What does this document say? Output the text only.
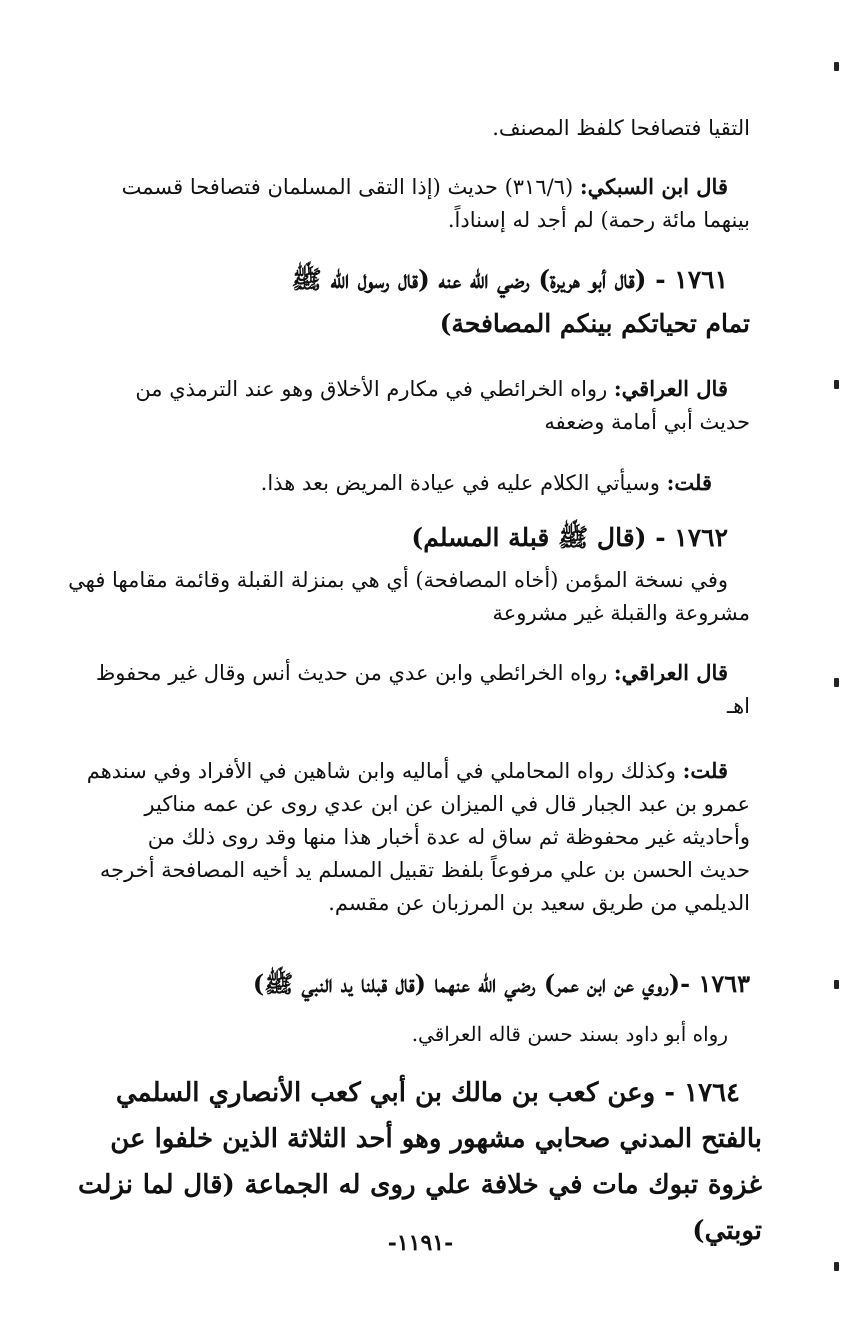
التقيا فتصافحا كلفظ المصنف.
قال ابن السبكي: (٣١٦/٦) حديث (إذا التقى المسلمان فتصافحا قسمت
بينهما مائة رحمة) لم أجد له إسناداً.
١٧٦١ - (قال أبو هريرة) رضي الله عنه (قال رسول الله ﷺ
تمام تحياتكم بينكم المصافحة)
قال العراقي: رواه الخرائطي في مكارم الأخلاق وهو عند الترمذي من
حديث أبي أمامة وضعفه
قلت: وسيأتي الكلام عليه في عيادة المريض بعد هذا.
١٧٦٢ - (قال ﷺ قبلة المسلم)
وفي نسخة المؤمن (أخاه المصافحة) أي هي بمنزلة القبلة وقائمة مقامها فهي
مشروعة والقبلة غير مشروعة
قال العراقي: رواه الخرائطي وابن عدي من حديث أنس وقال غير محفوظ
اهـ
قلت: وكذلك رواه المحاملي في أماليه وابن شاهين في الأفراد وفي سندهم
عمرو بن عبد الجبار قال في الميزان عن ابن عدي روى عن عمه مناكير
وأحاديثه غير محفوظة ثم ساق له عدة أخبار هذا منها وقد روى ذلك من
حديث الحسن بن علي مرفوعاً بلفظ تقبيل المسلم يد أخيه المصافحة أخرجه
الديلمي من طريق سعيد بن المرزبان عن مقسم.
١٧٦٣ -(روي عن ابن عمر) رضي الله عنهما (قال قبلنا يد النبي ﷺ)
رواه أبو داود بسند حسن قاله العراقي.
١٧٦٤ - وعن كعب بن مالك بن أبي كعب الأنصاري السلمي
بالفتح المدني صحابي مشهور وهو أحد الثلاثة الذين خلفوا عن
غزوة تبوك مات في خلافة علي روى له الجماعة (قال لما نزلت توبتي)
-١١٩١-
